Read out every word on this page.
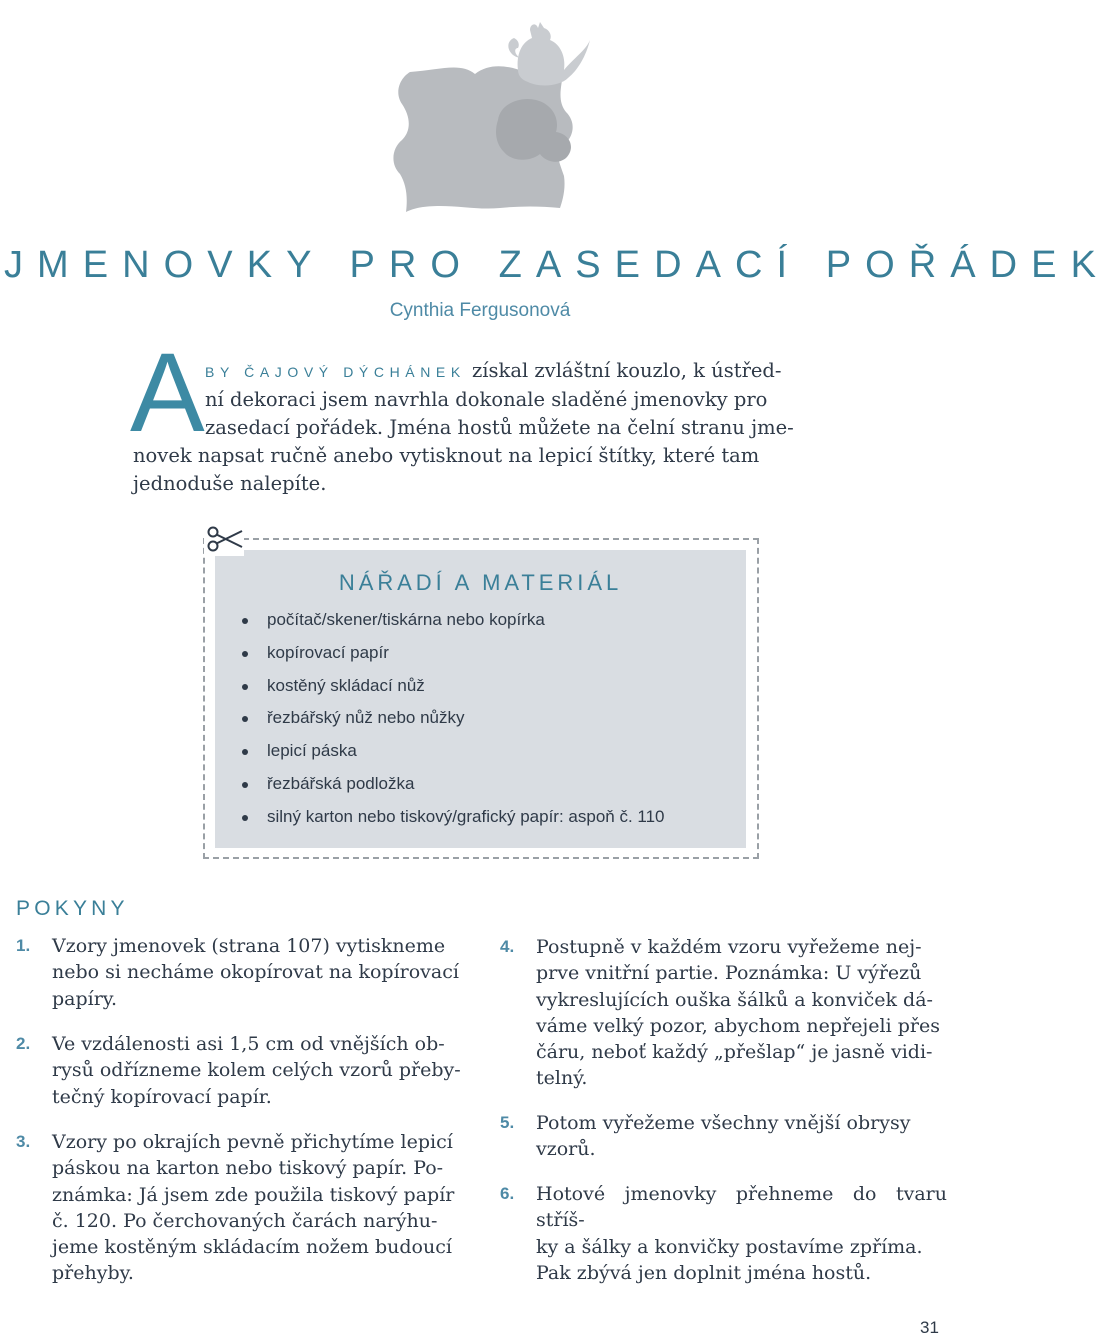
JMENOVKY PRO ZASEDACÍ POŘÁDEK
Cynthia Fergusonová
A BY ČAJOVÝ DÝCHÁNEK získal zvláštní kouzlo, k ústřed-
ní dekoraci jsem navrhla dokonale sladěné jmenovky pro
zasedací pořádek. Jména hostů můžete na čelní stranu jme-
novek napsat ručně anebo vytisknout na lepicí štítky, které tam
jednoduše nalepíte.
NÁŘADÍ A MATERIÁL
počítač/skener/tiskárna nebo kopírka
kopírovací papír
kostěný skládací nůž
řezbářský nůž nebo nůžky
lepicí páska
řezbářská podložka
silný karton nebo tiskový/grafický papír: aspoň č. 110
POKYNY
1. Vzory jmenovek (strana 107) vytiskneme
nebo si necháme okopírovat na kopírovací
papíry.
2. Ve vzdálenosti asi 1,5 cm od vnějších ob-
rysů odřízneme kolem celých vzorů přeby-
tečný kopírovací papír.
3. Vzory po okrajích pevně přichytíme lepicí
páskou na karton nebo tiskový papír. Po-
známka: Já jsem zde použila tiskový papír
č. 120. Po čerchovaných čarách narýhu-
jeme kostěným skládacím nožem budoucí
přehyby.
4. Postupně v každém vzoru vyřežeme nej-
prve vnitřní partie. Poznámka: U výřezů
vykreslujících ouška šálků a konviček dá-
váme velký pozor, abychom nepřejeli přes
čáru, neboť každý „přešlap“ je jasně vidi-
telný.
5. Potom vyřežeme všechny vnější obrysy
vzorů.
6. Hotové jmenovky přehneme do tvaru stříš-
ky a šálky a konvičky postavíme zpříma.
Pak zbývá jen doplnit jména hostů.
31
